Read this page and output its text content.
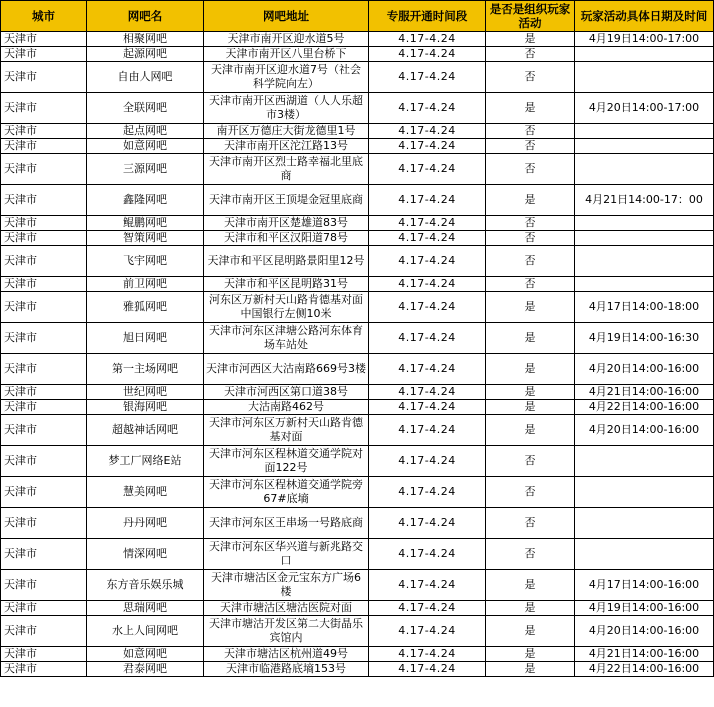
城市	网吧名	网吧地址	专服开通时间段	是否是组织玩家活动	玩家活动具体日期及时间
天津市	相聚网吧	天津市南开区迎水道5号	4.17-4.24	是	4月19日14:00-17:00
天津市	起源网吧	天津市南开区八里台桥下	4.17-4.24	否	
天津市	自由人网吧	天津市南开区迎水道7号（社会科学院向左）	4.17-4.24	否	
天津市	全联网吧	天津市南开区西湖道（人人乐超市3楼）	4.17-4.24	是	4月20日14:00-17:00
天津市	起点网吧	南开区万德庄大街龙德里1号	4.17-4.24	否	
天津市	如意网吧	天津市南开区沱江路13号	4.17-4.24	否	
天津市	三源网吧	天津市南开区烈士路幸福北里底商	4.17-4.24	否	
天津市	鑫隆网吧	天津市南开区王顶堤金冠里底商	4.17-4.24	是	4月21日14:00-17：00
天津市	鲲鹏网吧	天津市南开区楚雄道83号	4.17-4.24	否	
天津市	智策网吧	天津市和平区汉阳道78号	4.17-4.24	否	
天津市	飞宇网吧	天津市和平区昆明路景阳里12号	4.17-4.24	否	
天津市	前卫网吧	天津市和平区昆明路31号	4.17-4.24	否	
天津市	雅狐网吧	河东区万新村天山路肯德基对面中国银行左侧10米	4.17-4.24	是	4月17日14:00-18:00
天津市	旭日网吧	天津市河东区津塘公路河东体育场车站处	4.17-4.24	是	4月19日14:00-16:30
天津市	第一主场网吧	天津市河西区大沽南路669号3楼	4.17-4.24	是	4月20日14:00-16:00
天津市	世纪网吧	天津市河西区第口道38号	4.17-4.24	是	4月21日14:00-16:00
天津市	银海网吧	大沽南路462号	4.17-4.24	是	4月22日14:00-16:00
天津市	超越神话网吧	天津市河东区万新村天山路肯德基对面	4.17-4.24	是	4月20日14:00-16:00
天津市	梦工厂网络E站	天津市河东区程林道交通学院对面122号	4.17-4.24	否	
天津市	慧美网吧	天津市河东区程林道交通学院旁67#底墒	4.17-4.24	否	
天津市	丹丹网吧	天津市河东区王串场一号路底商	4.17-4.24	否	
天津市	情深网吧	天津市河东区华兴道与新兆路交口	4.17-4.24	否	
天津市	东方音乐娱乐城	天津市塘沽区金元宝东方广场6楼	4.17-4.24	是	4月17日14:00-16:00
天津市	思瑞网吧	天津市塘沽区塘沽医院对面	4.17-4.24	是	4月19日14:00-16:00
天津市	水上人间网吧	天津市塘沽开发区第二大街晶乐宾馆内	4.17-4.24	是	4月20日14:00-16:00
天津市	如意网吧	天津市塘沽区杭州道49号	4.17-4.24	是	4月21日14:00-16:00
天津市	君泰网吧	天津市临港路底墒153号	4.17-4.24	是	4月22日14:00-16:00
